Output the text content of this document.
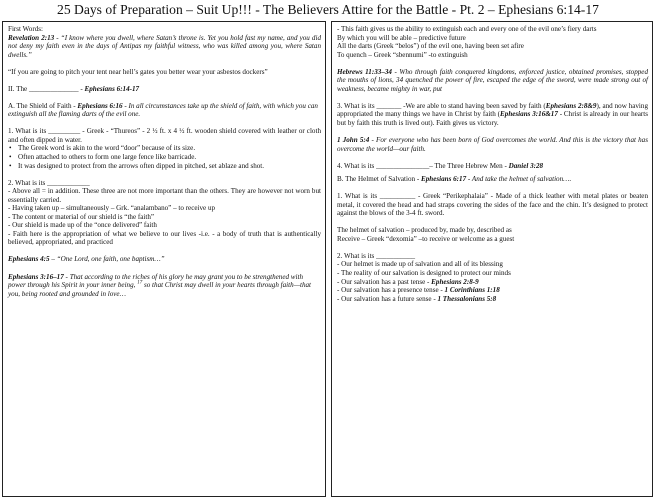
25 Days of Preparation – Suit Up!!! - The Believers Attire for the Battle - Pt. 2 – Ephesians 6:14-17

First Words:

Revelation 2:13 - “I know where you dwell, where Satan’s throne is. Yet you hold fast my name, and you did not deny my faith even in the days of Antipas my faithful witness, who was killed among you, where Satan dwells.”

“If you are going to pitch your tent near hell’s gates you better wear your asbestos dockers”

II. The ______________ - Ephesians 6:14-17

A. The Shield of Faith - Ephesians 6:16 - In all circumstances take up the shield of faith, with which you can extinguish all the flaming darts of the evil one.

1. What is its _________ - Greek - “Thureos” - 2 ½ ft. x 4 ½ ft. wooden shield covered with leather or cloth and often dipped in water.

• The Greek word is akin to the word “door” because of its size.
• Often attached to others to form one large fence like barricade.
• It was designed to protect from the arrows often dipped in pitched, set ablaze and shot.

2. What is its ____________

- Above all = in addition. These three are not more important than the others. They are however not worn but essentially carried.

- Having taken up – simultaneously – Grk. “analambano” – to receive up

- The content or material of our shield is “the faith”

- Our shield is made up of the “once delivered” faith

- Faith here is the appropriation of what we believe to our lives -i.e. - a body of truth that is authentically believed, appropriated, and practiced

Ephesians 4:5 – “One Lord, one faith, one baptism…”

Ephesians 3:16–17 - That according to the riches of his glory he may grant you to be strengthened with power through his Spirit in your inner being, $^{17}$ so that Christ may dwell in your hearts through faith—that you, being rooted and grounded in love…

- This faith gives us the ability to extinguish each and every one of the evil one’s fiery darts

By which you will be able – predictive future

All the darts (Greek “belos”) of the evil one, having been set afire

To quench – Greek “sbennumi” -to extinguish

Hebrews 11:33–34 - Who through faith conquered kingdoms, enforced justice, obtained promises, stopped the mouths of lions, 34 quenched the power of fire, escaped the edge of the sword, were made strong out of weakness, became mighty in war, put

3. What is its _______ -We are able to stand having been saved by faith (Ephesians 2:8&9), and now having appropriated the many things we have in Christ by faith (Ephesians 3:16&17 - Christ is already in our hearts but by faith this truth is lived out). Faith gives us victory.

1 John 5:4 - For everyone who has been born of God overcomes the world. And this is the victory that has overcome the world—our faith.

4. What is its _______________– The Three Hebrew Men - Daniel 3:28

B. The Helmet of Salvation - Ephesians 6:17 - And take the helmet of salvation….

1. What is its __________ - Greek “Perikephalaia” - Made of a thick leather with metal plates or beaten metal, it covered the head and had straps covering the sides of the face and the chin. It’s designed to protect against the blows of the 3-4 ft. sword.

The helmet of salvation – produced by, made by, described as

Receive – Greek “dexomia” –to receive or welcome as a guest

2. What is its ___________

- Our helmet is made up of salvation and all of its blessing

- The reality of our salvation is designed to protect our minds

- Our salvation has a past tense - Ephesians 2:8-9

- Our salvation has a presence tense - 1 Corinthians 1:18

- Our salvation has a future sense - 1 Thessalonians 5:8
